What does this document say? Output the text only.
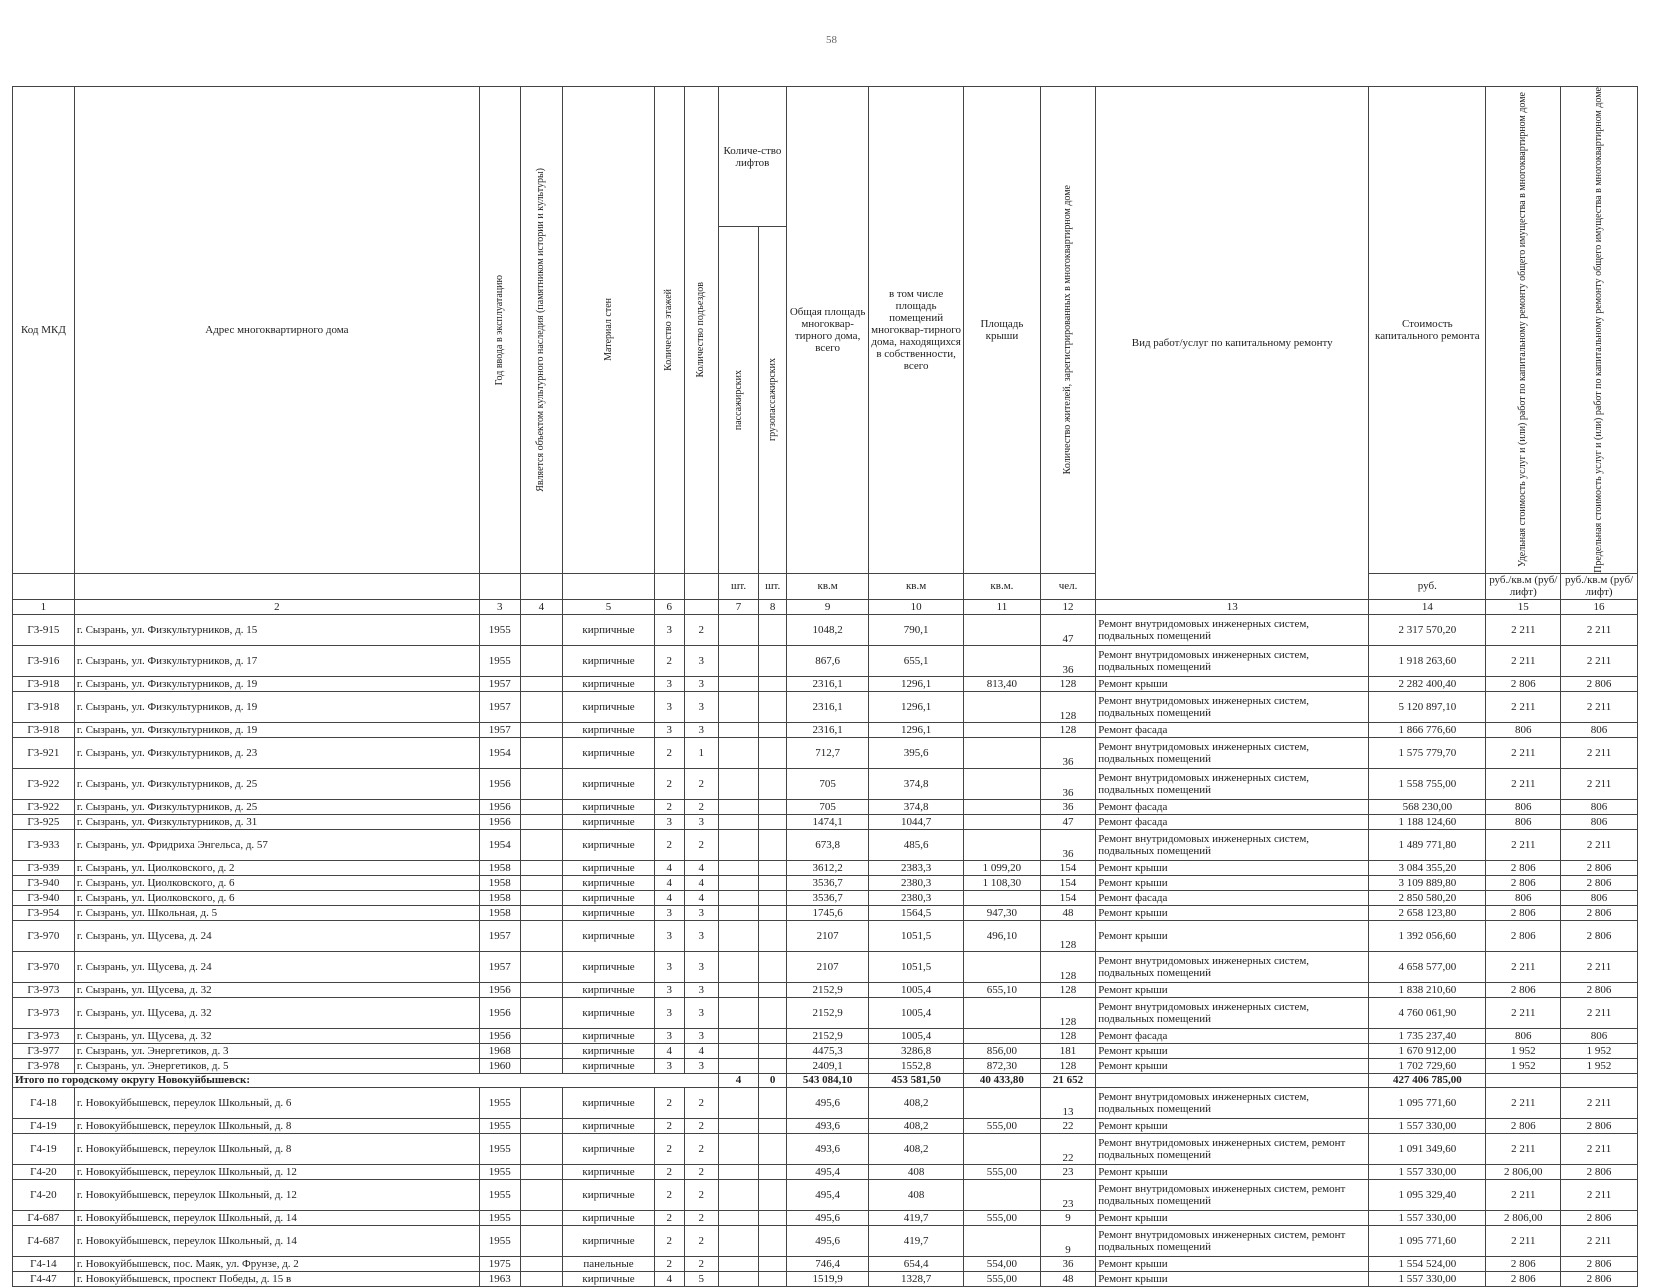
58
Код МКД	Адрес многоквартирного дома	Год ввода в эксплуатацию	Является объектом культурного наследия (памятником истории и культуры)	Материал стен	Количество этажей	Количество подъездов	Количе-ство лифтов		Общая площадь многоквар-тирного дома, всего	в том числе площадь помещений многоквар-тирного дома, находящихся в собственности, всего	Площадь крыши	Количество жителей, зарегистрированных в многоквартирном доме	Вид работ/услуг по капитальному ремонту	Стоимость капитального ремонта	Удельная стоимость услуг и (или) работ по капитальному ремонту общего имущества в многоквартирном доме	Предельная стоимость услуг и (или) работ по капитальному ремонту общего имущества в многоквартирном доме

							пассажирских	грузопассажирских								

							шт.	шт.	кв.м	кв.м	кв.м.	чел.		руб.	руб./кв.м (руб/лифт)	руб./кв.м (руб/лифт)
1	2	3	4	5	6		7	8	9	10	11	12	13	14	15	16
Г3-915	г. Сызрань, ул. Физкультурников, д. 15	1955		кирпичные	3	2			1048,2	790,1		47	Ремонт внутридомовых инженерных систем, подвальных помещений	2 317 570,20	2 211	2 211
Г3-916	г. Сызрань, ул. Физкультурников, д. 17	1955		кирпичные	2	3			867,6	655,1		36	Ремонт внутридомовых инженерных систем, подвальных помещений	1 918 263,60	2 211	2 211
Г3-918	г. Сызрань, ул. Физкультурников, д. 19	1957		кирпичные	3	3			2316,1	1296,1	813,40	128	Ремонт крыши	2 282 400,40	2 806	2 806
Г3-918	г. Сызрань, ул. Физкультурников, д. 19	1957		кирпичные	3	3			2316,1	1296,1		128	Ремонт внутридомовых инженерных систем, подвальных помещений	5 120 897,10	2 211	2 211
Г3-918	г. Сызрань, ул. Физкультурников, д. 19	1957		кирпичные	3	3			2316,1	1296,1		128	Ремонт фасада	1 866 776,60	806	806
Г3-921	г. Сызрань, ул. Физкультурников, д. 23	1954		кирпичные	2	1			712,7	395,6		36	Ремонт внутридомовых инженерных систем, подвальных помещений	1 575 779,70	2 211	2 211
Г3-922	г. Сызрань, ул. Физкультурников, д. 25	1956		кирпичные	2	2			705	374,8		36	Ремонт внутридомовых инженерных систем, подвальных помещений	1 558 755,00	2 211	2 211
Г3-922	г. Сызрань, ул. Физкультурников, д. 25	1956		кирпичные	2	2			705	374,8		36	Ремонт фасада	568 230,00	806	806
Г3-925	г. Сызрань, ул. Физкультурников, д. 31	1956		кирпичные	3	3			1474,1	1044,7		47	Ремонт фасада	1 188 124,60	806	806
Г3-933	г. Сызрань, ул. Фридриха Энгельса, д. 57	1954		кирпичные	2	2			673,8	485,6		36	Ремонт внутридомовых инженерных систем, подвальных помещений	1 489 771,80	2 211	2 211
Г3-939	г. Сызрань, ул. Циолковского, д. 2	1958		кирпичные	4	4			3612,2	2383,3	1 099,20	154	Ремонт крыши	3 084 355,20	2 806	2 806
Г3-940	г. Сызрань, ул. Циолковского, д. 6	1958		кирпичные	4	4			3536,7	2380,3	1 108,30	154	Ремонт крыши	3 109 889,80	2 806	2 806
Г3-940	г. Сызрань, ул. Циолковского, д. 6	1958		кирпичные	4	4			3536,7	2380,3		154	Ремонт фасада	2 850 580,20	806	806
Г3-954	г. Сызрань, ул. Школьная, д. 5	1958		кирпичные	3	3			1745,6	1564,5	947,30	48	Ремонт крыши	2 658 123,80	2 806	2 806
Г3-970	г. Сызрань, ул. Щусева, д. 24	1957		кирпичные	3	3			2107	1051,5	496,10	128	Ремонт крыши	1 392 056,60	2 806	2 806
Г3-970	г. Сызрань, ул. Щусева, д. 24	1957		кирпичные	3	3			2107	1051,5		128	Ремонт внутридомовых инженерных систем, подвальных помещений	4 658 577,00	2 211	2 211
Г3-973	г. Сызрань, ул. Щусева, д. 32	1956		кирпичные	3	3			2152,9	1005,4	655,10	128	Ремонт крыши	1 838 210,60	2 806	2 806
Г3-973	г. Сызрань, ул. Щусева, д. 32	1956		кирпичные	3	3			2152,9	1005,4		128	Ремонт внутридомовых инженерных систем, подвальных помещений	4 760 061,90	2 211	2 211
Г3-973	г. Сызрань, ул. Щусева, д. 32	1956		кирпичные	3	3			2152,9	1005,4		128	Ремонт фасада	1 735 237,40	806	806
Г3-977	г. Сызрань, ул. Энергетиков, д. 3	1968		кирпичные	4	4			4475,3	3286,8	856,00	181	Ремонт крыши	1 670 912,00	1 952	1 952
Г3-978	г. Сызрань, ул. Энергетиков, д. 5	1960		кирпичные	3	3			2409,1	1552,8	872,30	128	Ремонт крыши	1 702 729,60	1 952	1 952
Итого по городскому округу Новокуйбышевск:							4	0	543 084,10	453 581,50	40 433,80	21 652		427 406 785,00		
Г4-18	г. Новокуйбышевск, переулок Школьный, д. 6	1955		кирпичные	2	2			495,6	408,2		13	Ремонт внутридомовых инженерных систем, подвальных помещений	1 095 771,60	2 211	2 211
Г4-19	г. Новокуйбышевск, переулок Школьный, д. 8	1955		кирпичные	2	2			493,6	408,2	555,00	22	Ремонт крыши	1 557 330,00	2 806	2 806
Г4-19	г. Новокуйбышевск, переулок Школьный, д. 8	1955		кирпичные	2	2			493,6	408,2		22	Ремонт внутридомовых инженерных систем, ремонт подвальных помещений	1 091 349,60	2 211	2 211
Г4-20	г. Новокуйбышевск, переулок Школьный, д. 12	1955		кирпичные	2	2			495,4	408	555,00	23	Ремонт крыши	1 557 330,00	2 806,00	2 806
Г4-20	г. Новокуйбышевск, переулок Школьный, д. 12	1955		кирпичные	2	2			495,4	408		23	Ремонт внутридомовых инженерных систем, ремонт подвальных помещений	1 095 329,40	2 211	2 211
Г4-687	г. Новокуйбышевск, переулок Школьный, д. 14	1955		кирпичные	2	2			495,6	419,7	555,00	9	Ремонт крыши	1 557 330,00	2 806,00	2 806
Г4-687	г. Новокуйбышевск, переулок Школьный, д. 14	1955		кирпичные	2	2			495,6	419,7		9	Ремонт внутридомовых инженерных систем, ремонт подвальных помещений	1 095 771,60	2 211	2 211
Г4-14	г. Новокуйбышевск, пос. Маяк, ул. Фрунзе, д. 2	1975		панельные	2	2			746,4	654,4	554,00	36	Ремонт крыши	1 554 524,00	2 806	2 806
Г4-47	г. Новокуйбышевск, проспект Победы, д. 15 в	1963		кирпичные	4	5			1519,9	1328,7	555,00	48	Ремонт крыши	1 557 330,00	2 806	2 806
